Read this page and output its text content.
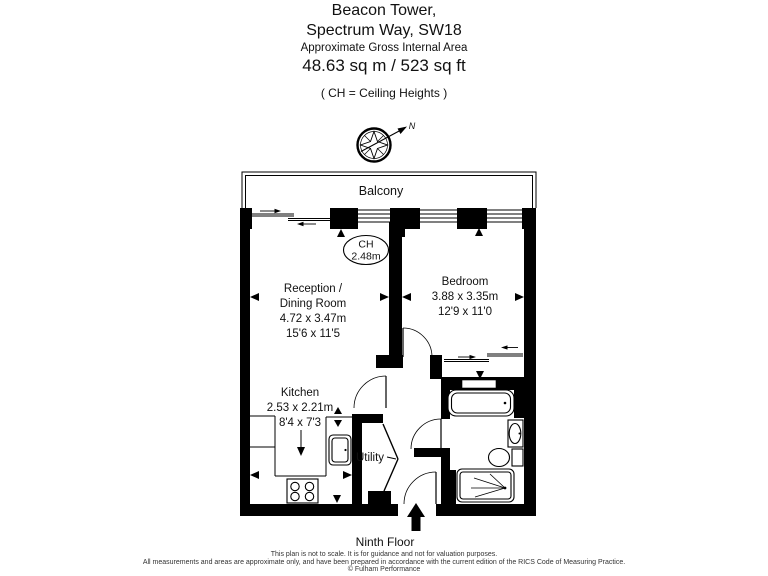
Beacon Tower,
Spectrum Way, SW18
Approximate Gross Internal Area
48.63 sq m / 523 sq ft
( CH = Ceiling Heights )
N
Balcony
CH
2.48m
Reception /
Dining Room
4.72 x 3.47m
15'6 x 11'5
Bedroom
3.88 x 3.35m
12'9 x 11'0
Kitchen
2.53 x 2.21m
8'4 x 7'3
Utility
Ninth Floor
This plan is not to scale. It is for guidance and not for valuation purposes.
All measurements and areas are approximate only, and have been prepared in accordance with the current edition of the RICS Code of Measuring Practice.
© Fulham Performance
